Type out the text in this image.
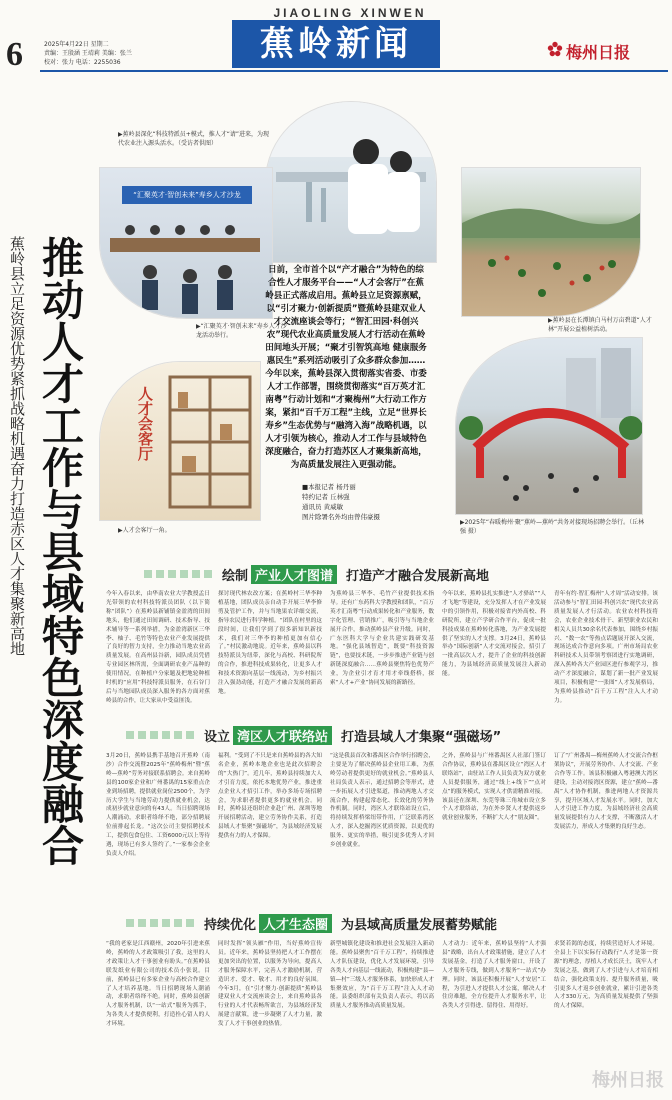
6	2025年4月22日 星期二
责编：王殷涵 王靖莉 美编：张兰
校对：张力 电话：2255036
JIAOLING XINWEN
蕉岭新闻	梅州日报
蕉岭县立足资源优势紧抓战略机遇奋力打造赤区人才集聚新高地 推动人才工作与县域特色深度融合
▶蕉岭县深化“科技特派员+模式，推人才“请”进来，为现代农业注入源头活水。（受访者供图）
“汇聚英才·智创未来”寿乡人才沙龙
▶“汇聚英才·智创未来”寿乡人才沙龙活动举行。
▶蕉岭县在长潭镇白马村万亩碧道“人才林”开展公益植树活动。
人才会客厅
▶人才会客厅一角。
▶2025年“春暖梅州·聚”蕉岭—蕉岭“共务对接现场招聘会举行。（丘林强 摄）
日前，全市首个以“产才融合”为特色的综合性人才服务平台——“人才会客厅”在蕉岭县正式落成启用。蕉岭县立足资源禀赋，以“引才聚力·创新提质”暨蕉岭县建双业人才交流座谈会等行；“智汇田园·科创兴农”现代农业高质量发展人才行活动在蕉岭田间地头开展；“聚才引智筑高地 健康服务惠民生”系列活动吸引了众多群众参加……今年以来，蕉岭县深入贯彻落实省委、市委人才工作部署，围绕贯彻落实“百万英才汇南粤”行动计划和“才聚梅州”大行动工作方案，紧扣“百千万工程”主线，立足“世界长寿乡”生态优势与“融湾入海”战略机遇，以人才引领为核心，推动人才工作与县域特色深度融合，奋力打造苏区人才聚集新高地，为高质量发展注入更强动能。
■本报记者 杨丹丽
特约记者 丘林强
通讯员 黄威敏
图片除署名外均由曾伟豪摄
绘制 产业人才图谱	打造产才融合发展新高地
今年入春以来，由华南农业大学教授孟日光带领的农村科技特派员团队（以下简称“团队”）在蕉岭县新铺镇金盈湾的田间地头，他们通过田间调研、技术指导、技术辅导等一系列举措，为金盈湾新区三华李、柚子、毛竹等特色农业产业发展提供了良好的智力支持，全力推动当地农业高质量发展。在高州县谷新，园队成员凭借专业园区林所需，全面调研农业产品种的使用情况，在种植户分家题及把地轮种植时机的“应用”科技特派员服务，在石谷门后与当地园队成员深入服务的各方面对蕉岭县的合作，让大家从中受益匪浅。
探讨现代林农改方案；在蕉岭村三华李种植基地，团队成员亲自动手开展三华李修剪及管护工作，并与当地果农详细交流，指导农民进行科学种植。“团队在村里的这段时间，让我们学到了很多新知识新技术，我们对三华李的种植更加有信心了。”村民激动地说。近年来，蕉岭县以科技特派员为纽带，深化与高校、科研院所的合作，推进科技成果转化，让更多人才和技术资源向基层一线流动，为乡村振兴注入强劲动能，打造产才融合发展的新高地。
为蕉岭县三华李、毛竹产业提供技术指导。还有广东药科大学教授和团队，“百万英才汇南粤”行动成果转化和产业服务，数字化管理、营销推广，吸引等与当地企业展开合作，推动蕉岭县产业升级。同时，广东医科大学与企业共建实践研发基地。“强化县域智造”，既要“科技资源链”，也要技术链，一步步推进产业链与创新链深度融合……蕉岭县聚焦特色优势产业，为企业引才育才用才牵线搭桥，探索“人才+产业”协同发展的新路径。
今年以来，蕉岭县扎实推进“人才驿站”“人才飞地”等建设，充分发挥人才在产业发展中的引领作用，积极对接省内外高校、科研院所，建立产学研合作平台，促成一批科技成果在蕉岭转化落地，为产业发展提供了坚实的人才支撑。3月24日，蕉岭县举办“国际创新”人才交流对接会，招引了一批高层次人才，提升了企业的科技创新能力，为县域经济高质量发展注入新动能。
青年有约·智汇梅州“人才周”活动安排。该活动参与“智汇田园·科创兴农”现代农业高质量发展人才行活动。农业农村科技将会，农业企业技术骨干、新型职业农民和相关人员共30余名代表参加，围绕乡村振兴、“数一农”等热点话题展开深入交流，现场达成合作意向多项。广州市场局农业科研技术人员带领考察团进行实地调研，深入蕉岭各大产业园区进行参观学习，推动产才深度融合，谋划了新一批产业发展项目，积极构建“一张图”人才发展格局，为蕉岭县推动“百千万工程”注入人才动力。
设立 湾区人才联络站	打造县域人才集聚“强磁场”
3月20日，蕉岭县携手基地召开蕉岭（南沙）合作交流暨2025年“蕉岭梅州”暨“蕉岭—蕉岭”劳务对接联系招聘会。来自蕉岭县的100家企业和广州番禺的15家重点企业到场招聘，提供就业岗位2500个，为学历大学生与当地劳动力提供就业机会，达成初步就业意向的有43人。当日招聘现场人潮涌动，求职者络绎不绝，部分招聘展位前排起长龙。“这次公司主要招聘技术工，提供包食包住、工资6000元以上等待遇，现场已有多人签约了。”一家参会企业负责人介绍。
福利。“受到了不只是来自蕉岭县的各大知名企业，蕉岭本地企业也是此次招聘会的“大热门”。近几年，蕉岭县持续加大人才引育力度，依托本地优势产业，推进重点企业人才招引工作，举办多场专场招聘会，为求职者提供更多的就业机会。同时，蕉岭县还组织企业赴广州、深圳等地开展招聘活动，建立劳务协作关系，打造县域人才集聚“强磁场”，为县域经济发展提供有力的人才保障。
“这是我县首次和番禺区合作举行招聘会，主要是为了解决蕉岭县企业用工难，为蕉岭劳动者提供更好的就业机会。”蕉岭县人社局负责人表示，通过招聘会等形式，进一步拓展人才引进渠道，推动两地人才交流合作，构建起常态化、长效化的劳务协作机制。同时，湾区人才联络站设立后，将持续发挥桥梁纽带作用，广泛联系湾区人才，深入挖掘湾区优质资源，以更优的服务、更实的举措，吸引更多优秀人才回乡创业就业。
之外，蕉岭县与广州番禺区人社部门签订合作协议，蕉岭县在番禺区设立“湾区人才联络站”，由驻站工作人员负责为双方就业人员提供服务，通过“线上+线下”“点对点”的服务模式，实现人才供需精准对接。该县还在深圳、东莞等珠三角城市设立多个人才联络站，为在外乡贤人才提供返乡就业创业服务，不断扩大人才“朋友圈”。
订了“广州番禺—梅州蕉岭人才交流合作框架协议”，开展劳务协作、人才交流、产业合作等工作。该县积极融入粤港澳大湾区建设，主动对接湾区资源，建立“蕉岭—番禺”人才协作机制，推进两地人才资源共享，提升区域人才发展水平。同时，加大人才引进工作力度，为县域经济社会高质量发展提供有力人才支撑，不断激活人才发展活力，形成人才集聚的良好生态。
持续优化 人才生态圈	为县域高质量发展蓄势赋能
“我的老家是江西赣州，2020年引进来蕉岭，蕉岭的人才政策吸引了我，这里的人才政策让人才干事创业有盼头。”在蕉岭县联发纸业有限公司的技术员小张说。目前，蕉岭县已有多家企业与高校合作建立了人才培养基地。当日招聘现场人潮涌动，求职者络绎不绝。同时，蕉岭县创新人才服务机制，以“一站式”服务为抓手，为各类人才提供便利，打造拴心留人的人才环境。
同时发挥“领头雁”作用，当好蕉岭宣传员。近年来，蕉岭县坚持把人才工作摆在更加突出的位置，以服务为导向，提高人才服务保障水平，完善人才激励机制，营造识才、爱才、敬才、用才的良好氛围。今年3月，在“引才聚力·创新提质”蕉岭县建双业人才交流座谈会上，来自蕉岭县各行业的人才代表畅所欲言，为县域经济发展建言献策，进一步凝聚了人才力量，激发了人才干事创业的热情。
新型城镇化建设和推进社会发展注入新动能。蕉岭县聚焦“百千万工程”，持续推进人才队伍建设，优化人才发展环境，引导各类人才向基层一线流动，积极构建“县—镇—村”三级人才服务体系，加快形成人才集聚效应，为“百千万工程”注入人才动能。县委组织部有关负责人表示，将以高质量人才服务推动高质量发展。
人才动力：近年来，蕉岭县坚持“人才强县”战略，出台人才政策措施，建立了人才发展基金，打造了人才服务窗口，开设了人才服务专线，做到人才服务“一站式”办理。同时，该县还积极开展“人才安居”工程，为引进人才提供人才公寓，解决人才住房难题，全方位提升人才服务水平，让各类人才引得进、留得住、用得好。
求贤若渴的态度，持续营造好人才环境。全县上下以实际行动践行“人才是第一资源”的理念，厚植人才成长沃土，筑牢人才发展之基，做到了人才引进与人才培育相结合，强化政策支持、提升服务质量，吸引更多人才返乡创业就业，累计引进各类人才330万元，为高质量发展提供了坚强的人才保障。
梅州日报
